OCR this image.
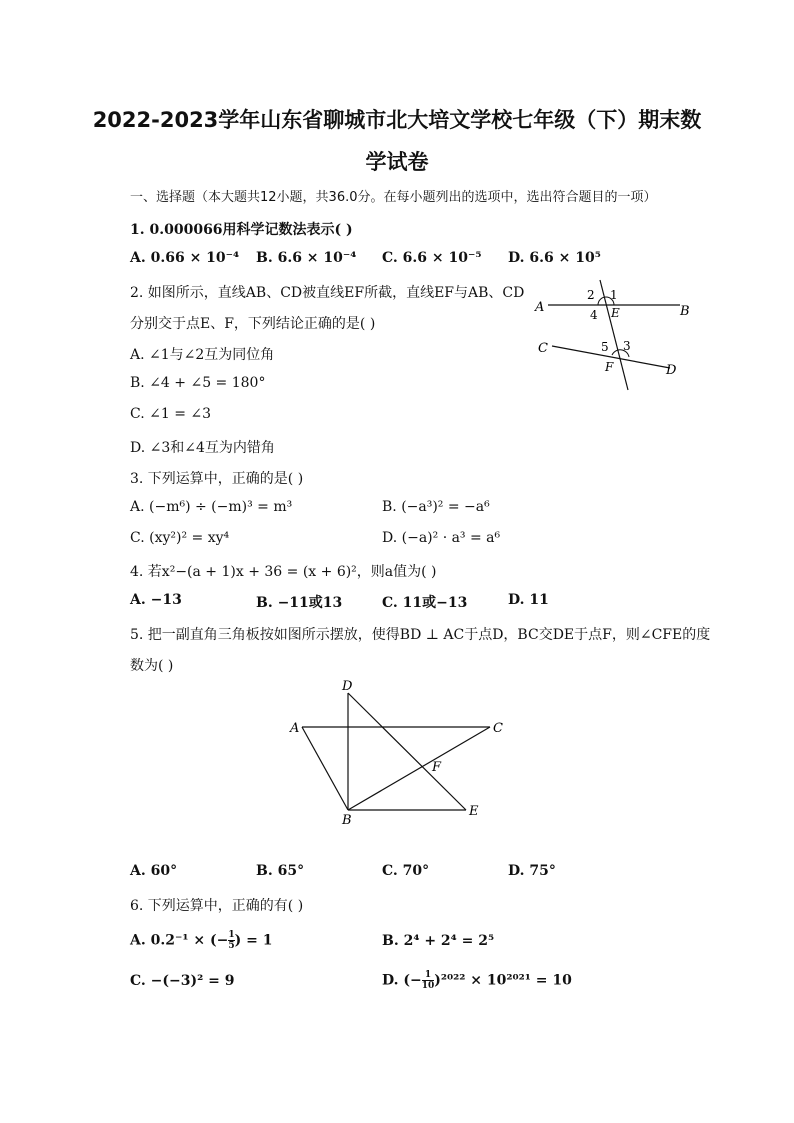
2022-2023学年山东省聊城市北大培文学校七年级（下）期末数
学试卷
一、选择题（本大题共12小题，共36.0分。在每小题列出的选项中，选出符合题目的一项）
1. 0.000066用科学记数法表示( )
A. 0.66 × 10⁻⁴ B. 6.6 × 10⁻⁴ C. 6.6 × 10⁻⁵ D. 6.6 × 10⁵
2. 如图所示，直线AB、CD被直线EF所截，直线EF与AB、CD
分别交于点E、F，下列结论正确的是( )
A. ∠1与∠2互为同位角
B. ∠4 + ∠5 = 180°
C. ∠1 = ∠3
D. ∠3和∠4互为内错角
A	B
C
D
E
F
1
2
3
4
5
3. 下列运算中，正确的是( )
A. (−m⁶) ÷ (−m)³ = m³	B. (−a³)² = −a⁶
C. (xy²)² = xy⁴	D. (−a)² · a³ = a⁶
4. 若x²−(a + 1)x + 36 = (x + 6)²，则a值为( )
A. −13	B. −11或13	C. 11或−13	D. 11
5. 把一副直角三角板按如图所示摆放，使得BD ⊥ AC于点D，BC交DE于点F，则∠CFE的度
数为( )
A
B
C
D
E
F
A. 60°	B. 65°	C. 70°	D. 75°
6. 下列运算中，正确的有( )
A. 0.2⁻¹ × (− $\frac{1}{5}$ ) = 1	B. 2⁴ + 2⁴ = 2⁵
C. −(−3)² = 9	D. (− $\frac{1}{10} )^{2022} \times 10^{2021} = 10$
